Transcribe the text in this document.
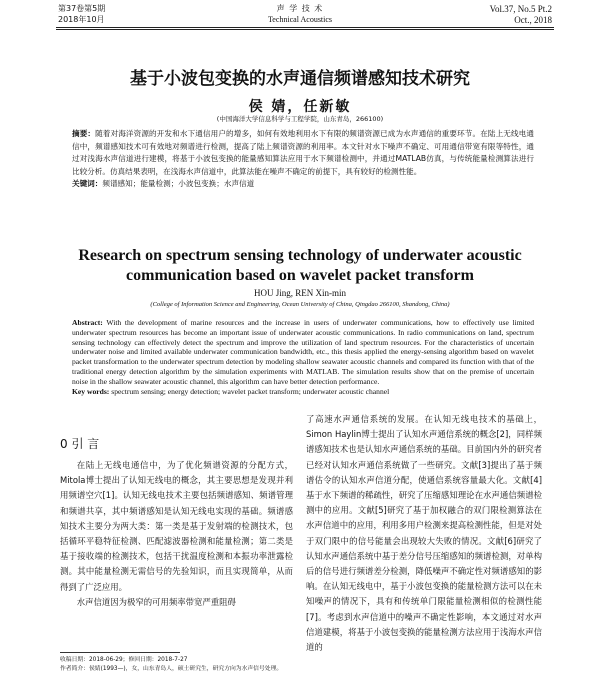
第37卷第5期
2018年10月
声 学 技 术
Technical Acoustics
Vol.37, No.5 Pt.2
Oct., 2018
基于小波包变换的水声通信频谱感知技术研究
侯 婧，任新敏
(中国海洋大学信息科学与工程学院，山东青岛，266100)
摘要：随着对海洋资源的开发和水下通信用户的增多，如何有效地利用水下有限的频谱资源已成为水声通信的重要环节。在陆上无线电通信中，频谱感知技术可有效地对频谱进行检测，提高了陆上频谱资源的利用率。本文针对水下噪声不确定、可用通信带宽有限等特性，通过对浅海水声信道进行建模，将基于小波包变换的能量感知算法应用于水下频谱检测中，并通过MATLAB仿真，与传统能量检测算法进行比较分析。仿真结果表明，在浅海水声信道中，此算法能在噪声不确定的前提下，具有较好的检测性能。
关键词：频谱感知；能量检测；小波包变换；水声信道
Research on spectrum sensing technology of underwater acoustic communication based on wavelet packet transform
HOU Jing, REN Xin-min
(College of Information Science and Engineering, Ocean University of China, Qingdao 266100, Shandong, China)
Abstract: With the development of marine resources and the increase in users of underwater communications, how to effectively use limited underwater spectrum resources has become an important issue of underwater acoustic communications. In radio communications on land, spectrum sensing technology can effectively detect the spectrum and improve the utilization of land spectrum resources. For the characteristics of uncertain underwater noise and limited available underwater communication bandwidth, etc., this thesis applied the energy-sensing algorithm based on wavelet packet transformation to the underwater spectrum detection by modeling shallow seawater acoustic channels and compared its function with that of the traditional energy detection algorithm by the simulation experiments with MATLAB. The simulation results show that on the premise of uncertain noise in the shallow seawater acoustic channel, this algorithm can have better detection performance.
Key words: spectrum sensing; energy detection; wavelet packet transform; underwater acoustic channel
0 引 言

在陆上无线电通信中，为了优化频谱资源的分配方式，Mitola博士提出了认知无线电的概念，其主要思想是发现并利用频谱空穴[1]。认知无线电技术主要包括频谱感知、频谱管理和频谱共享，其中频谱感知是认知无线电实现的基础。频谱感知技术主要分为两大类：第一类是基于发射端的检测技术，包括循环平稳特征检测、匹配滤波器检测和能量检测；第二类是基于接收端的检测技术，包括干扰温度检测和本振功率泄露检测。其中能量检测无需信号的先验知识，而且实现简单，从而得到了广泛应用。

水声信道因为极窄的可用频率带宽严重阻碍

收稿日期：2018-06-29；修回日期：2018-7-27
作者简介：侯婧(1993—)，女，山东青岛人，硕士研究生，研究方向为水声信号处理。

了高速水声通信系统的发展。在认知无线电技术的基础上，Simon Haylin博士提出了认知水声通信系统的概念[2]，同样频谱感知技术也是认知水声通信系统的基础。目前国内外的研究者已经对认知水声通信系统做了一些研究。文献[3]提出了基于频谱估令的认知水声信道分配，使通信系统容量最大化。文献[4]基于水下频谱的稀疏性，研究了压缩感知理论在水声通信频谱检测中的应用。文献[5]研究了基于加权融合的双门限检测算法在水声信道中的应用，利用多用户检测来提高检测性能，但是对处于双门限中的信号能量会出现较大失败的情况。文献[6]研究了认知水声通信系统中基于差分信号压缩感知的频谱检测，对单构后的信号进行频谱差分检测，降低噪声不确定性对频谱感知的影响。在认知无线电中，基于小波包变换的能量检测方法可以在未知噪声的情况下，具有和传统单门限能量检测相似的检测性能[7]。考虑到水声信道中的噪声不确定性影响，本文通过对水声信道建模，将基于小波包变换的能量检测方法应用于浅海水声信道的
